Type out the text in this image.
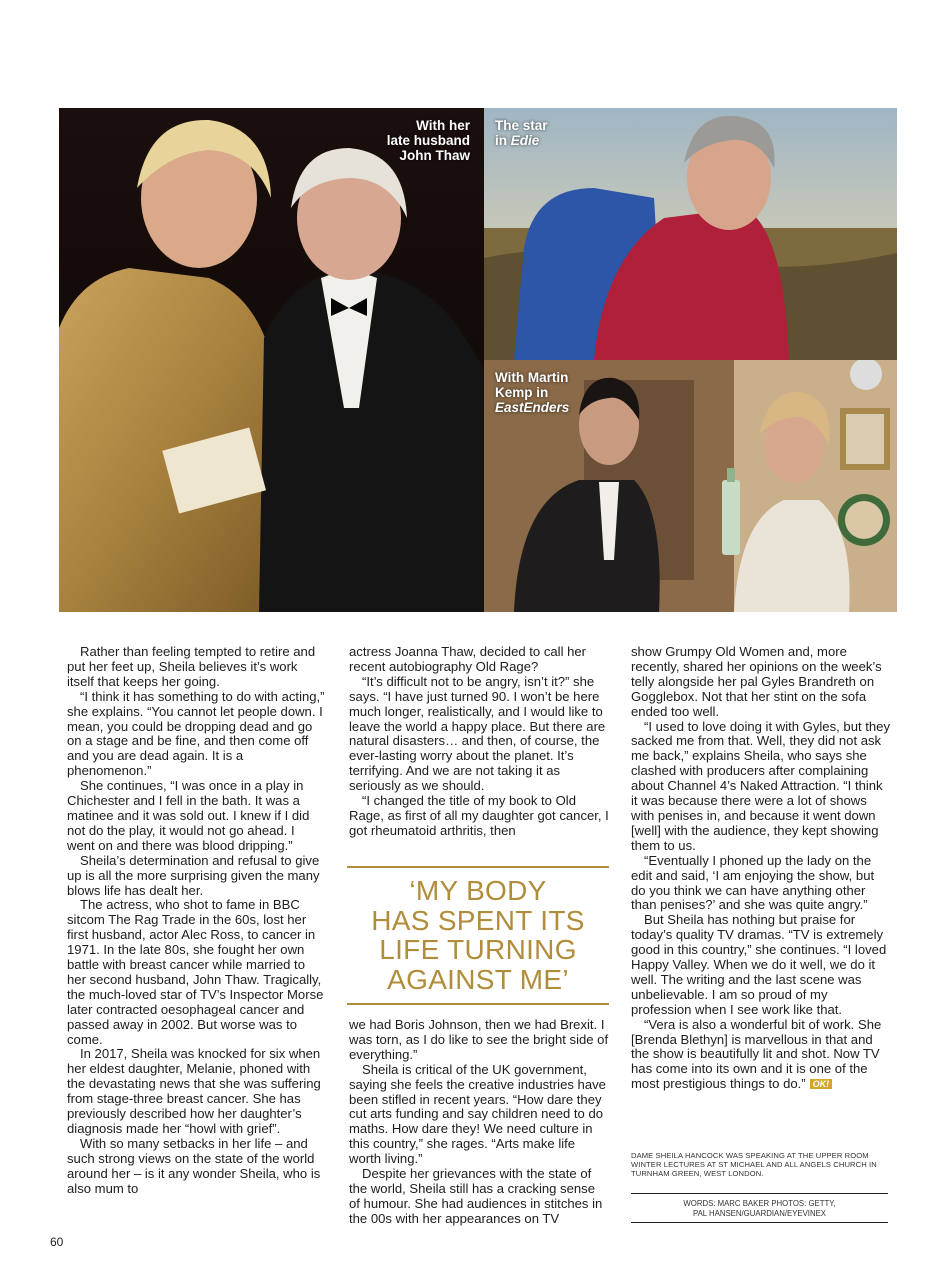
With her
late husband
John Thaw
The star
in Edie
With Martin
Kemp in
EastEnders

Rather than feeling tempted to retire and put her feet up, Sheila believes it’s work itself that keeps her going.

“I think it has something to do with acting,” she explains. “You cannot let people down. I mean, you could be dropping dead and go on a stage and be fine, and then come off and you are dead again. It is a phenomenon.”

She continues, “I was once in a play in Chichester and I fell in the bath. It was a matinee and it was sold out. I knew if I did not do the play, it would not go ahead. I went on and there was blood dripping.”

Sheila’s determination and refusal to give up is all the more surprising given the many blows life has dealt her.

The actress, who shot to fame in BBC sitcom The Rag Trade in the 60s, lost her first husband, actor Alec Ross, to cancer in 1971. In the late 80s, she fought her own battle with breast cancer while married to her second husband, John Thaw. Tragically, the much-loved star of TV’s Inspector Morse later contracted oesophageal cancer and passed away in 2002. But worse was to come.

In 2017, Sheila was knocked for six when her eldest daughter, Melanie, phoned with the devastating news that she was suffering from stage-three breast cancer. She has previously described how her daughter’s diagnosis made her “howl with grief”.

With so many setbacks in her life – and such strong views on the state of the world around her – is it any wonder Sheila, who is also mum to

actress Joanna Thaw, decided to call her recent autobiography Old Rage?

“It’s difficult not to be angry, isn’t it?” she says. “I have just turned 90. I won’t be here much longer, realistically, and I would like to leave the world a happy place. But there are natural disasters… and then, of course, the ever-lasting worry about the planet. It’s terrifying. And we are not taking it as seriously as we should.

“I changed the title of my book to Old Rage, as first of all my daughter got cancer, I got rheumatoid arthritis, then

‘MY BODY
HAS SPENT ITS
LIFE TURNING
AGAINST ME’

we had Boris Johnson, then we had Brexit. I was torn, as I do like to see the bright side of everything.”

Sheila is critical of the UK government, saying she feels the creative industries have been stifled in recent years. “How dare they cut arts funding and say children need to do maths. How dare they! We need culture in this country,” she rages. “Arts make life worth living.”

Despite her grievances with the state of the world, Sheila still has a cracking sense of humour. She had audiences in stitches in the 00s with her appearances on TV

show Grumpy Old Women and, more recently, shared her opinions on the week’s telly alongside her pal Gyles Brandreth on Gogglebox. Not that her stint on the sofa ended too well.

“I used to love doing it with Gyles, but they sacked me from that. Well, they did not ask me back,” explains Sheila, who says she clashed with producers after complaining about Channel 4’s Naked Attraction. “I think it was because there were a lot of shows with penises in, and because it went down [well] with the audience, they kept showing them to us.

“Eventually I phoned up the lady on the edit and said, ‘I am enjoying the show, but do you think we can have anything other than penises?’ and she was quite angry.”

But Sheila has nothing but praise for today’s quality TV dramas. “TV is extremely good in this country,” she continues. “I loved Happy Valley. When we do it well, we do it well. The writing and the last scene was unbelievable. I am so proud of my profession when I see work like that.

“Vera is also a wonderful bit of work. She [Brenda Blethyn] is marvellous in that and the show is beautifully lit and shot. Now TV has come into its own and it is one of the most prestigious things to do.” OK!

DAME SHEILA HANCOCK WAS SPEAKING AT THE UPPER ROOM WINTER LECTURES AT ST MICHAEL AND ALL ANGELS CHURCH IN TURNHAM GREEN, WEST LONDON.
WORDS: MARC BAKER PHOTOS: GETTY,
PAL HANSEN/GUARDIAN/EYEVINEX
60
